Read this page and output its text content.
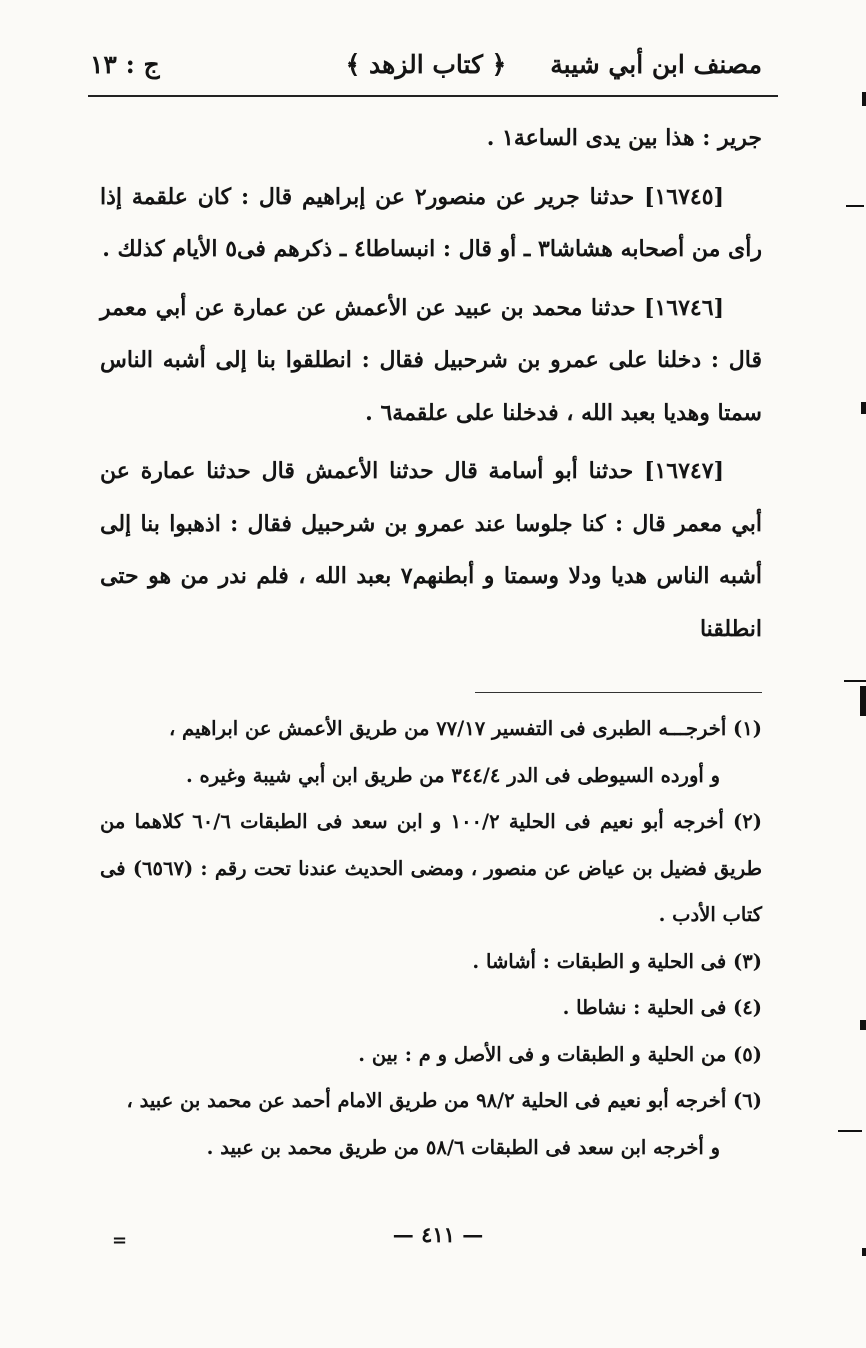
مصنف ابن أبي شيبة
﴿ كتاب الزهد ﴾
ج : ١٣

جرير : هذا بين يدى الساعة١ .

[١٦٧٤٥] حدثنا جرير عن منصور٢ عن إبراهيم قال : كان علقمة إذا رأى من أصحابه هشاشا٣ ـ أو قال : انبساطا٤ ـ ذكرهم فى٥ الأيام كذلك .

[١٦٧٤٦] حدثنا محمد بن عبيد عن الأعمش عن عمارة عن أبي معمر قال : دخلنا على عمرو بن شرحبيل فقال : انطلقوا بنا إلى أشبه الناس سمتا وهديا بعبد الله ، فدخلنا على علقمة٦ .

[١٦٧٤٧] حدثنا أبو أسامة قال حدثنا الأعمش قال حدثنا عمارة عن أبي معمر قال : كنا جلوسا عند عمرو بن شرحبيل فقال : اذهبوا بنا إلى أشبه الناس هديا ودلا وسمتا و أبطنهم٧ بعبد الله ، فلم ندر من هو حتى انطلقنا

(١) أخرجـــه الطبرى فى التفسير ٧٧/١٧ من طريق الأعمش عن ابراهيم ،

و أورده السيوطى فى الدر ٣٤٤/٤ من طريق ابن أبي شيبة وغيره .

(٢) أخرجه أبو نعيم فى الحلية ١٠٠/٢ و ابن سعد فى الطبقات ٦٠/٦ كلاهما من طريق فضيل بن عياض عن منصور ، ومضى الحديث عندنا تحت رقم : (٦٥٦٧) فى كتاب الأدب .

(٣) فى الحلية و الطبقات : أشاشا .

(٤) فى الحلية : نشاطا .

(٥) من الحلية و الطبقات و فى الأصل و م : بين .

(٦) أخرجه أبو نعيم فى الحلية ٩٨/٢ من طريق الامام أحمد عن محمد بن عبيد ،

و أخرجه ابن سعد فى الطبقات ٥٨/٦ من طريق محمد بن عبيد .

=	— ٤١١ —
